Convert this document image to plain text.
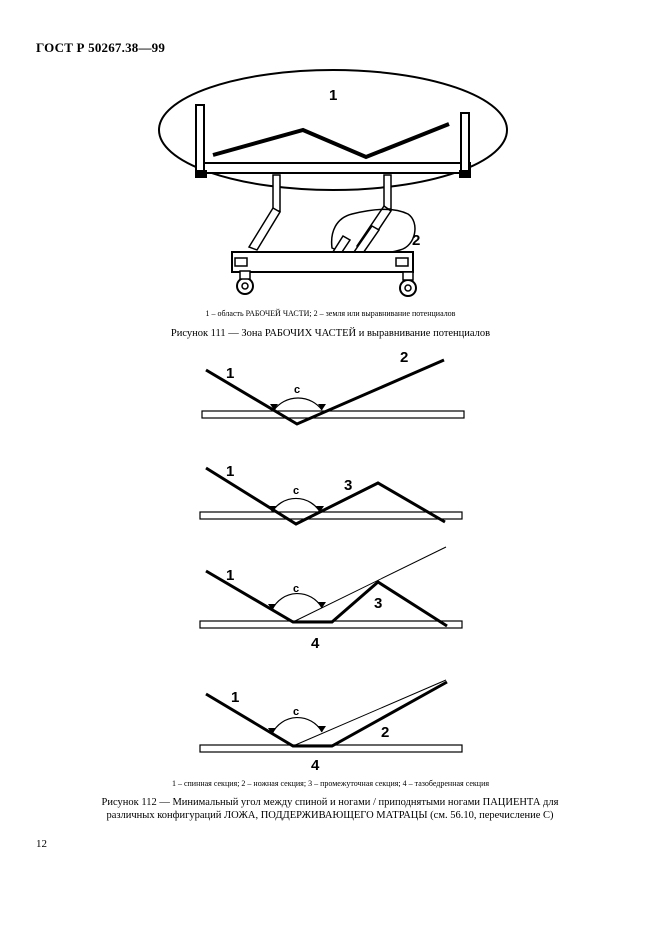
ГОСТ Р 50267.38—99
1
2
1
2
с
1
3
с
1
3
4
с
1
2
4
с
1 – область РАБОЧЕЙ ЧАСТИ; 2 – земля или выравнивание потенциалов
Рисунок 111 — Зона РАБОЧИХ ЧАСТЕЙ и выравнивание потенциалов
1 – спинная секция; 2 – ножная секция; 3 – промежуточная секция; 4 – тазобедренная секция
Рисунок 112 — Минимальный угол между спиной и ногами / приподнятыми ногами ПАЦИЕНТА для
различных конфигураций ЛОЖА, ПОДДЕРЖИВАЮЩЕГО МАТРАЦЫ (см. 56.10, перечисление С)
12
